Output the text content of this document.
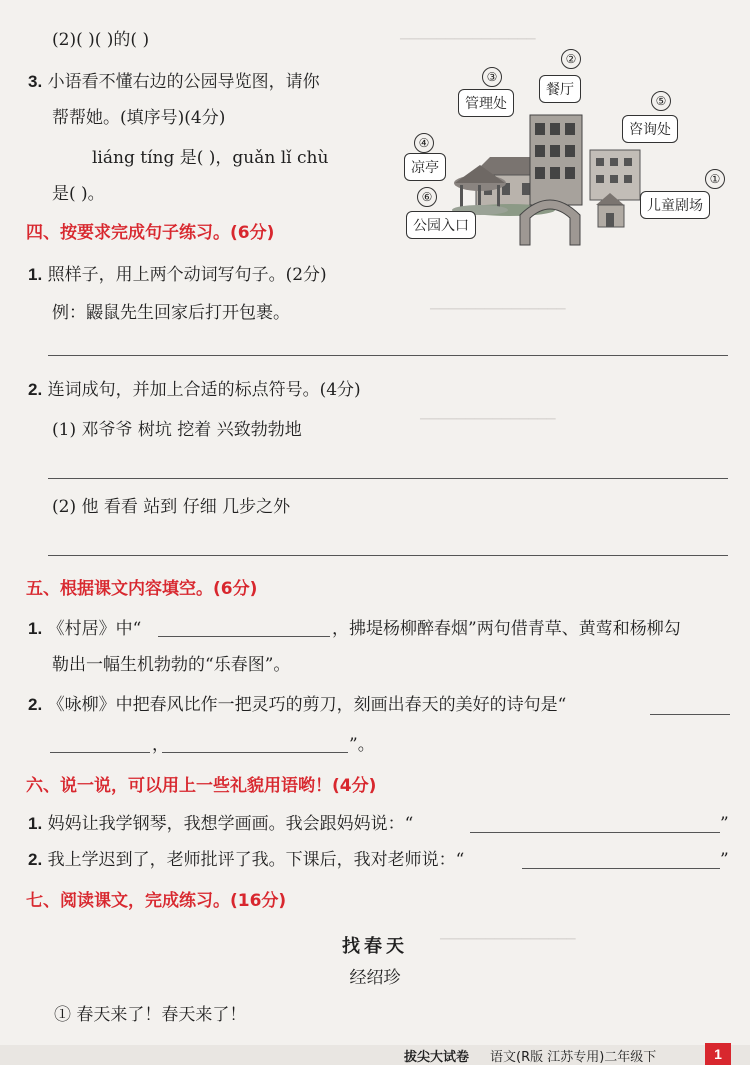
───────────────
───────────────
───────────────
───────────────
(2)( )( )的( )
3. 小语看不懂右边的公园导览图，请你
帮帮她。(填序号)(4分)
liáng tíng 是( )，guǎn lǐ chù
是( )。
③
②
⑤
④
①
⑥
管理处
餐厅
咨询处
凉亭
儿童剧场
公园入口
四、按要求完成句子练习。(6分)
1. 照样子，用上两个动词写句子。(2分)
例：鼹鼠先生回家后打开包裹。
2. 连词成句，并加上合适的标点符号。(4分)
(1) 邓爷爷 树坑 挖着 兴致勃勃地
(2) 他 看看 站到 仔细 几步之外
五、根据课文内容填空。(6分)
1. 《村居》中“	，拂堤杨柳醉春烟”两句借青草、黄莺和杨柳勾
勒出一幅生机勃勃的“乐春图”。
2. 《咏柳》中把春风比作一把灵巧的剪刀，刻画出春天的美好的诗句是“
，	”。
六、说一说，可以用上一些礼貌用语哟！(4分)
1. 妈妈让我学钢琴，我想学画画。我会跟妈妈说：“	”
2. 我上学迟到了，老师批评了我。下课后，我对老师说：“	”
七、阅读课文，完成练习。(16分)
找春天
经绍珍
① 春天来了！春天来了！
拔尖大试卷 语文(R版 江苏专用)二年级下	1
